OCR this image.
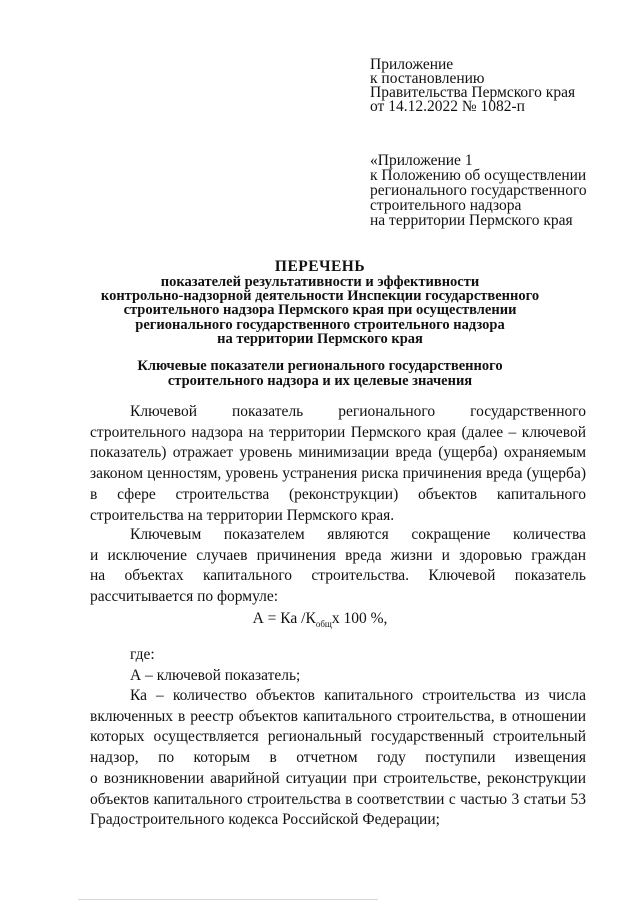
Приложение
к постановлению
Правительства Пермского края
от 14.12.2022 № 1082-п
«Приложение 1
к Положению об осуществлении
регионального государственного
строительного надзора
на территории Пермского края
ПЕРЕЧЕНЬ
показателей результативности и эффективности
контрольно-надзорной деятельности Инспекции государственного
строительного надзора Пермского края при осуществлении
регионального государственного строительного надзора
на территории Пермского края
Ключевые показатели регионального государственного
строительного надзора и их целевые значения
Ключевой показатель регионального государственного
строительного надзора на территории Пермского края (далее – ключевой
показатель) отражает уровень минимизации вреда (ущерба) охраняемым
законом ценностям, уровень устранения риска причинения вреда (ущерба)
в сфере строительства (реконструкции) объектов капитального
строительства на территории Пермского края.
Ключевым показателем являются сокращение количества
и исключение случаев причинения вреда жизни и здоровью граждан
на объектах капитального строительства. Ключевой показатель
рассчитывается по формуле:
А = Ка $/К_{общ}х$ 100 %,
где:
А – ключевой показатель;
Ка – количество объектов капитального строительства из числа
включенных в реестр объектов капитального строительства, в отношении
которых осуществляется региональный государственный строительный
надзор, по которым в отчетном году поступили извещения
о возникновении аварийной ситуации при строительстве, реконструкции
объектов капитального строительства в соответствии с частью 3 статьи 53
Градостроительного кодекса Российской Федерации;
